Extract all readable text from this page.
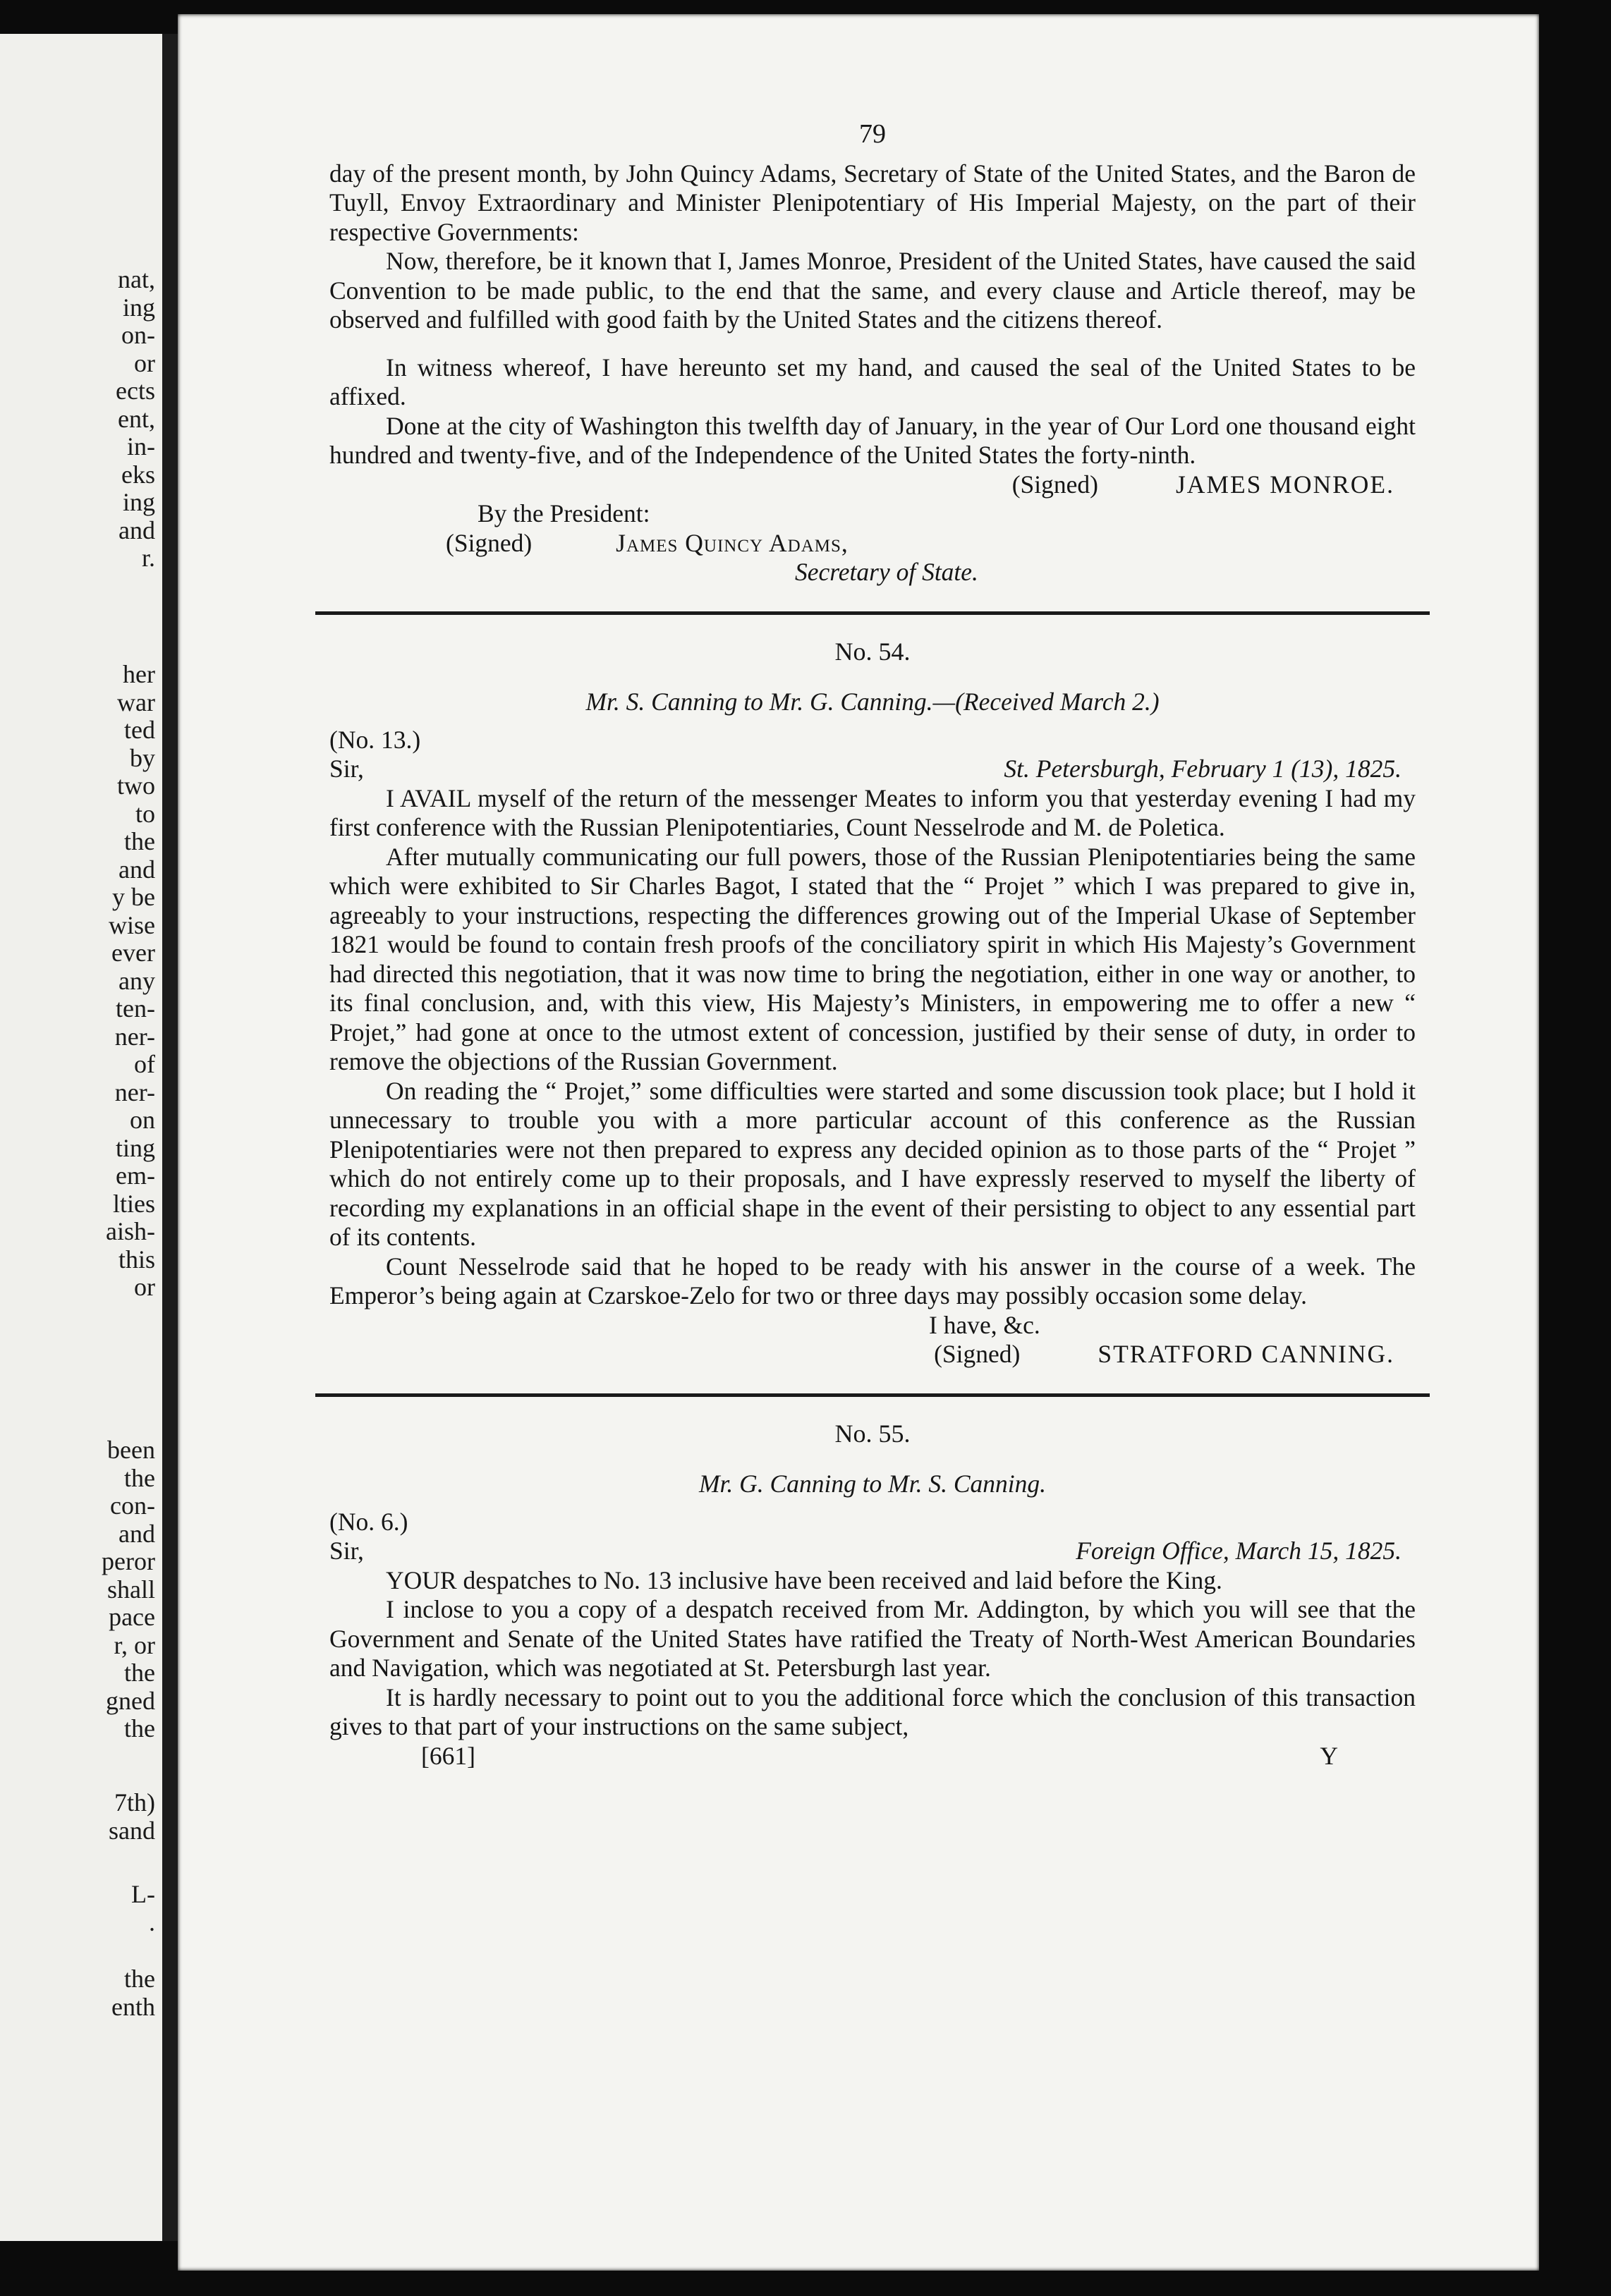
nat,
ing
on-
or
ects
ent,
in-
eks
ing
and
r.
her
war
ted
by
two
to
the
and
y be
wise
ever
any
ten-
ner-
of
ner-
on
ting
em-
lties
aish-
this
or
been
the
con-
and
peror
shall
pace
r, or
the
gned
the
7th)
sand
L-
.
the
enth
79

day of the present month, by John Quincy Adams, Secretary of State of the United States, and the Baron de Tuyll, Envoy Extraordinary and Minister Plenipotentiary of His Imperial Majesty, on the part of their respective Governments:

Now, therefore, be it known that I, James Monroe, President of the United States, have caused the said Convention to be made public, to the end that the same, and every clause and Article thereof, may be observed and fulfilled with good faith by the United States and the citizens thereof.

In witness whereof, I have hereunto set my hand, and caused the seal of the United States to be affixed.

Done at the city of Washington this twelfth day of January, in the year of Our Lord one thousand eight hundred and twenty-five, and of the Independence of the United States the forty-ninth.

(Signed)	JAMES MONROE.
By the President:
(Signed)	James Quincy Adams,
Secretary of State.
No. 54.
Mr. S. Canning to Mr. G. Canning.—(Received March 2.)
(No. 13.)
Sir,	St. Petersburgh, February 1 (13), 1825.

I AVAIL myself of the return of the messenger Meates to inform you that yesterday evening I had my first conference with the Russian Plenipotentiaries, Count Nesselrode and M. de Poletica.

After mutually communicating our full powers, those of the Russian Plenipotentiaries being the same which were exhibited to Sir Charles Bagot, I stated that the “ Projet ” which I was prepared to give in, agreeably to your instructions, respecting the differences growing out of the Imperial Ukase of September 1821 would be found to contain fresh proofs of the conciliatory spirit in which His Majesty’s Government had directed this negotiation, that it was now time to bring the negotiation, either in one way or another, to its final conclusion, and, with this view, His Majesty’s Ministers, in empowering me to offer a new “ Projet,” had gone at once to the utmost extent of concession, justified by their sense of duty, in order to remove the objections of the Russian Government.

On reading the “ Projet,” some difficulties were started and some discussion took place; but I hold it unnecessary to trouble you with a more particular account of this conference as the Russian Plenipotentiaries were not then prepared to express any decided opinion as to those parts of the “ Projet ” which do not entirely come up to their proposals, and I have expressly reserved to myself the liberty of recording my explanations in an official shape in the event of their persisting to object to any essential part of its contents.

Count Nesselrode said that he hoped to be ready with his answer in the course of a week. The Emperor’s being again at Czarskoe-Zelo for two or three days may possibly occasion some delay.

I have, &c.
(Signed)	STRATFORD CANNING.
No. 55.
Mr. G. Canning to Mr. S. Canning.
(No. 6.)
Sir,	Foreign Office, March 15, 1825.

YOUR despatches to No. 13 inclusive have been received and laid before the King.

I inclose to you a copy of a despatch received from Mr. Addington, by which you will see that the Government and Senate of the United States have ratified the Treaty of North-West American Boundaries and Navigation, which was negotiated at St. Petersburgh last year.

It is hardly necessary to point out to you the additional force which the conclusion of this transaction gives to that part of your instructions on the same subject,

[661]	Y
